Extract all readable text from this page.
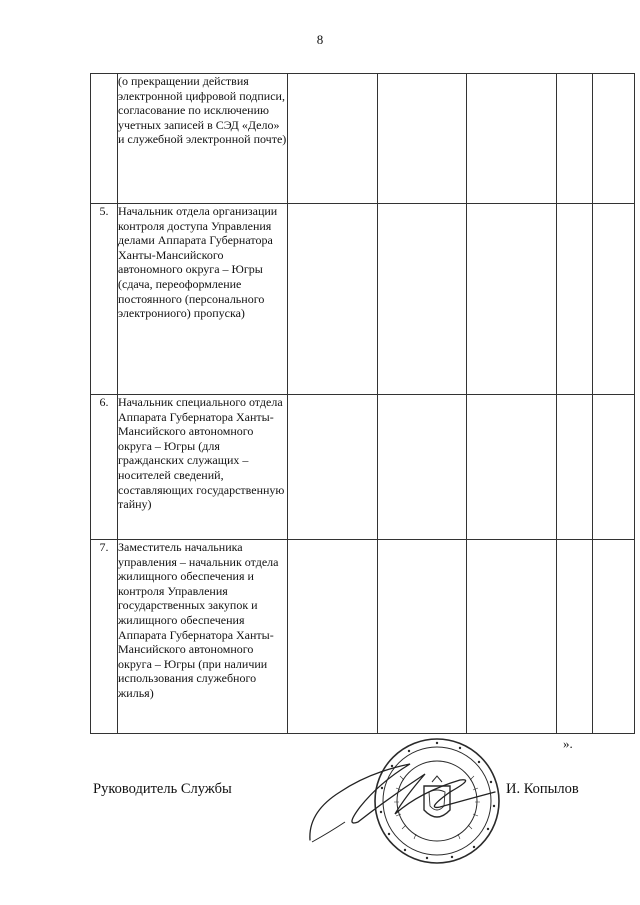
8
	(о прекращении действия электронной цифровой подписи, согласование по исключению учетных записей в СЭД «Дело» и служебной электронной почте)					
5.	Начальник отдела организации контроля доступа Управления делами Аппарата Губернатора Ханты-Мансийского автономного округа – Югры (сдача, переоформление постоянного (персонального электрониого) пропуска)					
6.	Начальник специального отдела Аппарата Губернатора Ханты-Мансийского автономного округа – Югры (для гражданских служащих – носителей сведений, составляющих государственную тайну)					
7.	Заместитель начальника управления – начальник отдела жилищного обеспечения и контроля Управления государственных закупок и жилищного обеспечения Аппарата Губернатора Ханты-Мансийского автономного округа – Югры (при наличии использования служебного жилья)					
».
Руководитель Службы	И. Копылов
